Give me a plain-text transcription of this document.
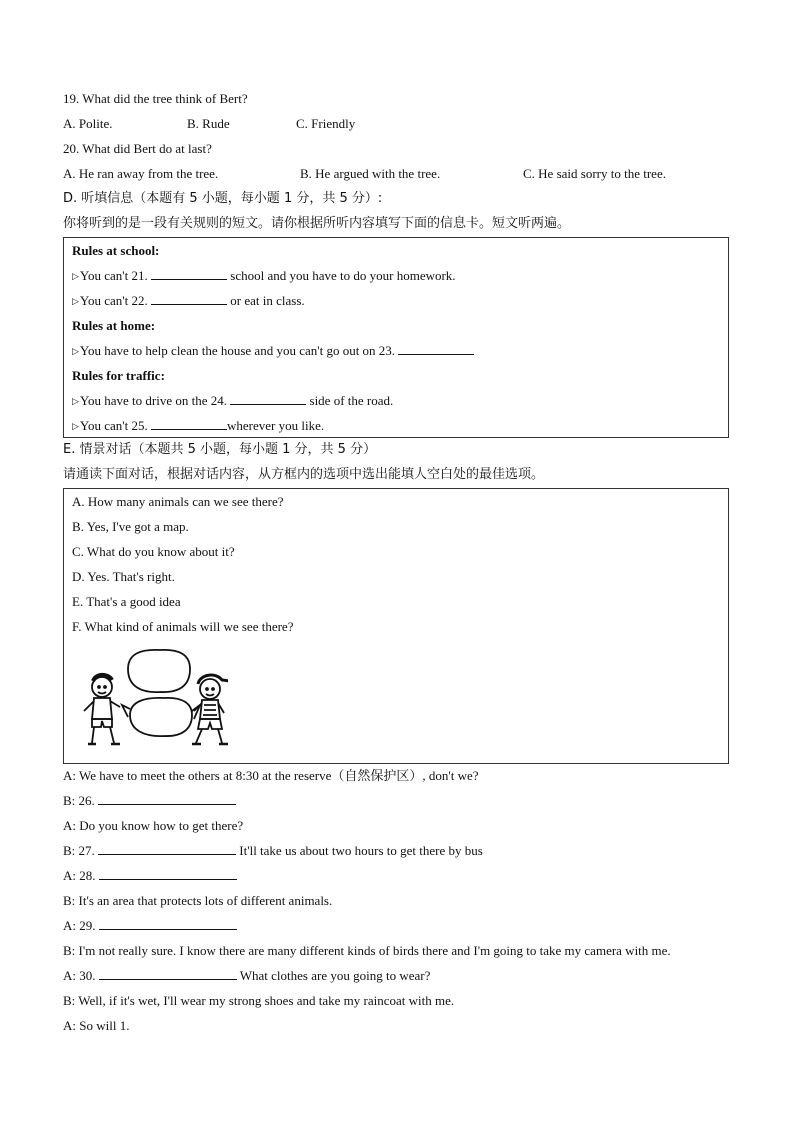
19. What did the tree think of Bert?
A. Polite.	B. Rude	C. Friendly
20. What did Bert do at last?
A. He ran away from the tree.	B. He argued with the tree.	C. He said sorry to the tree.
D. 听填信息（本题有 5 小题，每小题 1 分，共 5 分）:
你将听到的是一段有关规则的短文。请你根据所听内容填写下面的信息卡。短文听两遍。
Rules at school:
▷You can't 21.	school and you have to do your homework.
▷You can't 22.	or eat in class.
Rules at home:
▷You have to help clean the house and you can't go out on 23.
Rules for traffic:
▷You have to drive on the 24.	side of the road.
▷You can't 25.	wherever you like.
E. 情景对话（本题共 5 小题，每小题 1 分，共 5 分）
请通读下面对话，根据对话内容，从方框内的选项中选出能填人空白处的最佳选项。
A. How many animals can we see there?
B. Yes, I've got a map.
C. What do you know about it?
D. Yes. That's right.
E. That's a good idea
F. What kind of animals will we see there?
A: We have to meet the others at 8:30 at the reserve（自然保护区）, don't we?
B: 26.
A: Do you know how to get there?
B: 27.	It'll take us about two hours to get there by bus
A: 28.
B: It's an area that protects lots of different animals.
A: 29.
B: I'm not really sure. I know there are many different kinds of birds there and I'm going to take my camera with me.
A: 30.	What clothes are you going to wear?
B: Well, if it's wet, I'll wear my strong shoes and take my raincoat with me.
A: So will 1.
